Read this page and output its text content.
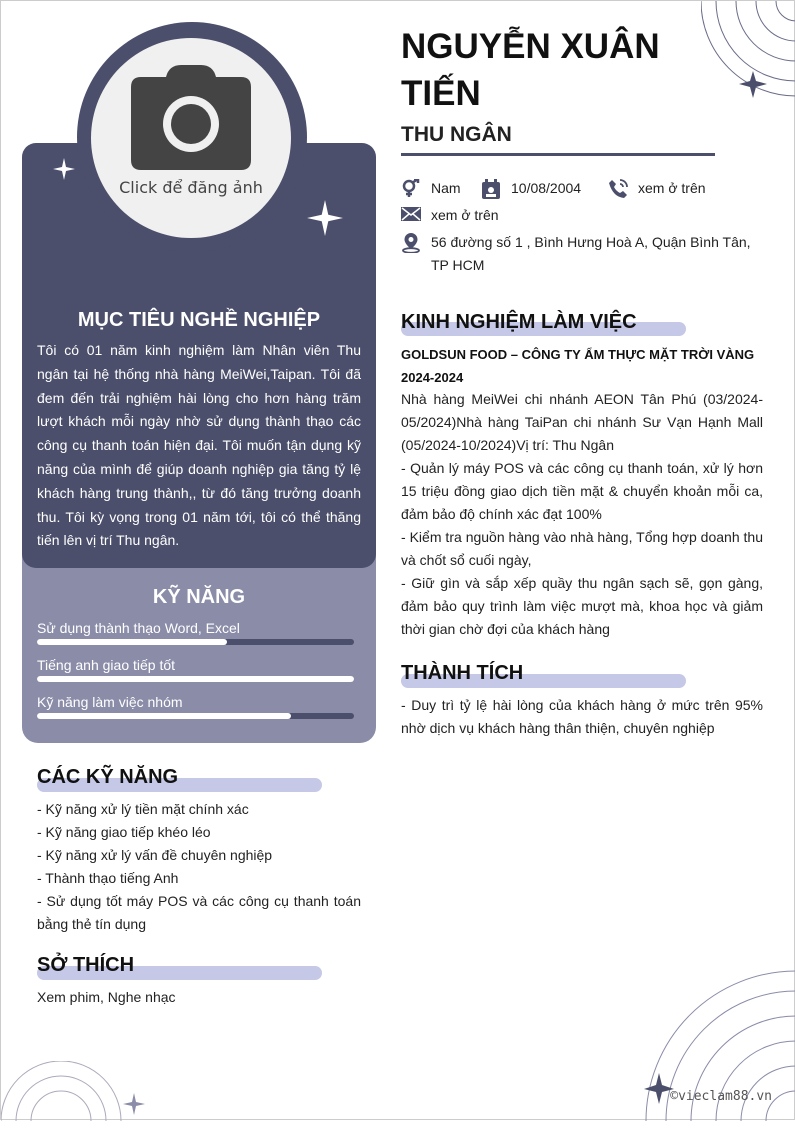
Click để đăng ảnh
MỤC TIÊU NGHỀ NGHIỆP
Tôi có 01 năm kinh nghiệm làm Nhân viên Thu ngân tại hệ thống nhà hàng MeiWei,Taipan. Tôi đã đem đến trải nghiệm hài lòng cho hơn hàng trăm lượt khách mỗi ngày nhờ sử dụng thành thạo các công cụ thanh toán hiện đại. Tôi muốn tận dụng kỹ năng của mình để giúp doanh nghiệp gia tăng tỷ lệ khách hàng trung thành,, từ đó tăng trưởng doanh thu. Tôi kỳ vọng trong 01 năm tới, tôi có thể thăng tiến lên vị trí Thu ngân.
KỸ NĂNG
Sử dụng thành thạo Word, Excel
Tiếng anh giao tiếp tốt
Kỹ năng làm việc nhóm
CÁC KỸ NĂNG
- Kỹ năng xử lý tiền mặt chính xác
- Kỹ năng giao tiếp khéo léo
- Kỹ năng xử lý vấn đề chuyên nghiệp
- Thành thạo tiếng Anh
- Sử dụng tốt máy POS và các công cụ thanh toán bằng thẻ tín dụng
SỞ THÍCH
Xem phim, Nghe nhạc
NGUYỄN XUÂN TIẾN
THU NGÂN
Nam	10/08/2004	xem ở trên
xem ở trên
56 đường số 1 , Bình Hưng Hoà A, Quận Bình Tân, TP HCM
KINH NGHIỆM LÀM VIỆC
GOLDSUN FOOD – CÔNG TY ẨM THỰC MẶT TRỜI VÀNG
2024-2024
Nhà hàng MeiWei chi nhánh AEON Tân Phú (03/2024-05/2024)Nhà hàng TaiPan chi nhánh Sư Vạn Hạnh Mall (05/2024-10/2024)Vị trí: Thu Ngân
- Quản lý máy POS và các công cụ thanh toán, xử lý hơn 15 triệu đồng giao dịch tiền mặt & chuyển khoản mỗi ca, đảm bảo độ chính xác đạt 100%
- Kiểm tra nguồn hàng vào nhà hàng, Tổng hợp doanh thu và chốt sổ cuối ngày,
- Giữ gìn và sắp xếp quầy thu ngân sạch sẽ, gọn gàng, đảm bảo quy trình làm việc mượt mà, khoa học và giảm thời gian chờ đợi của khách hàng
THÀNH TÍCH
- Duy trì tỷ lệ hài lòng của khách hàng ở mức trên 95% nhờ dịch vụ khách hàng thân thiện, chuyên nghiệp
©vieclam88.vn
